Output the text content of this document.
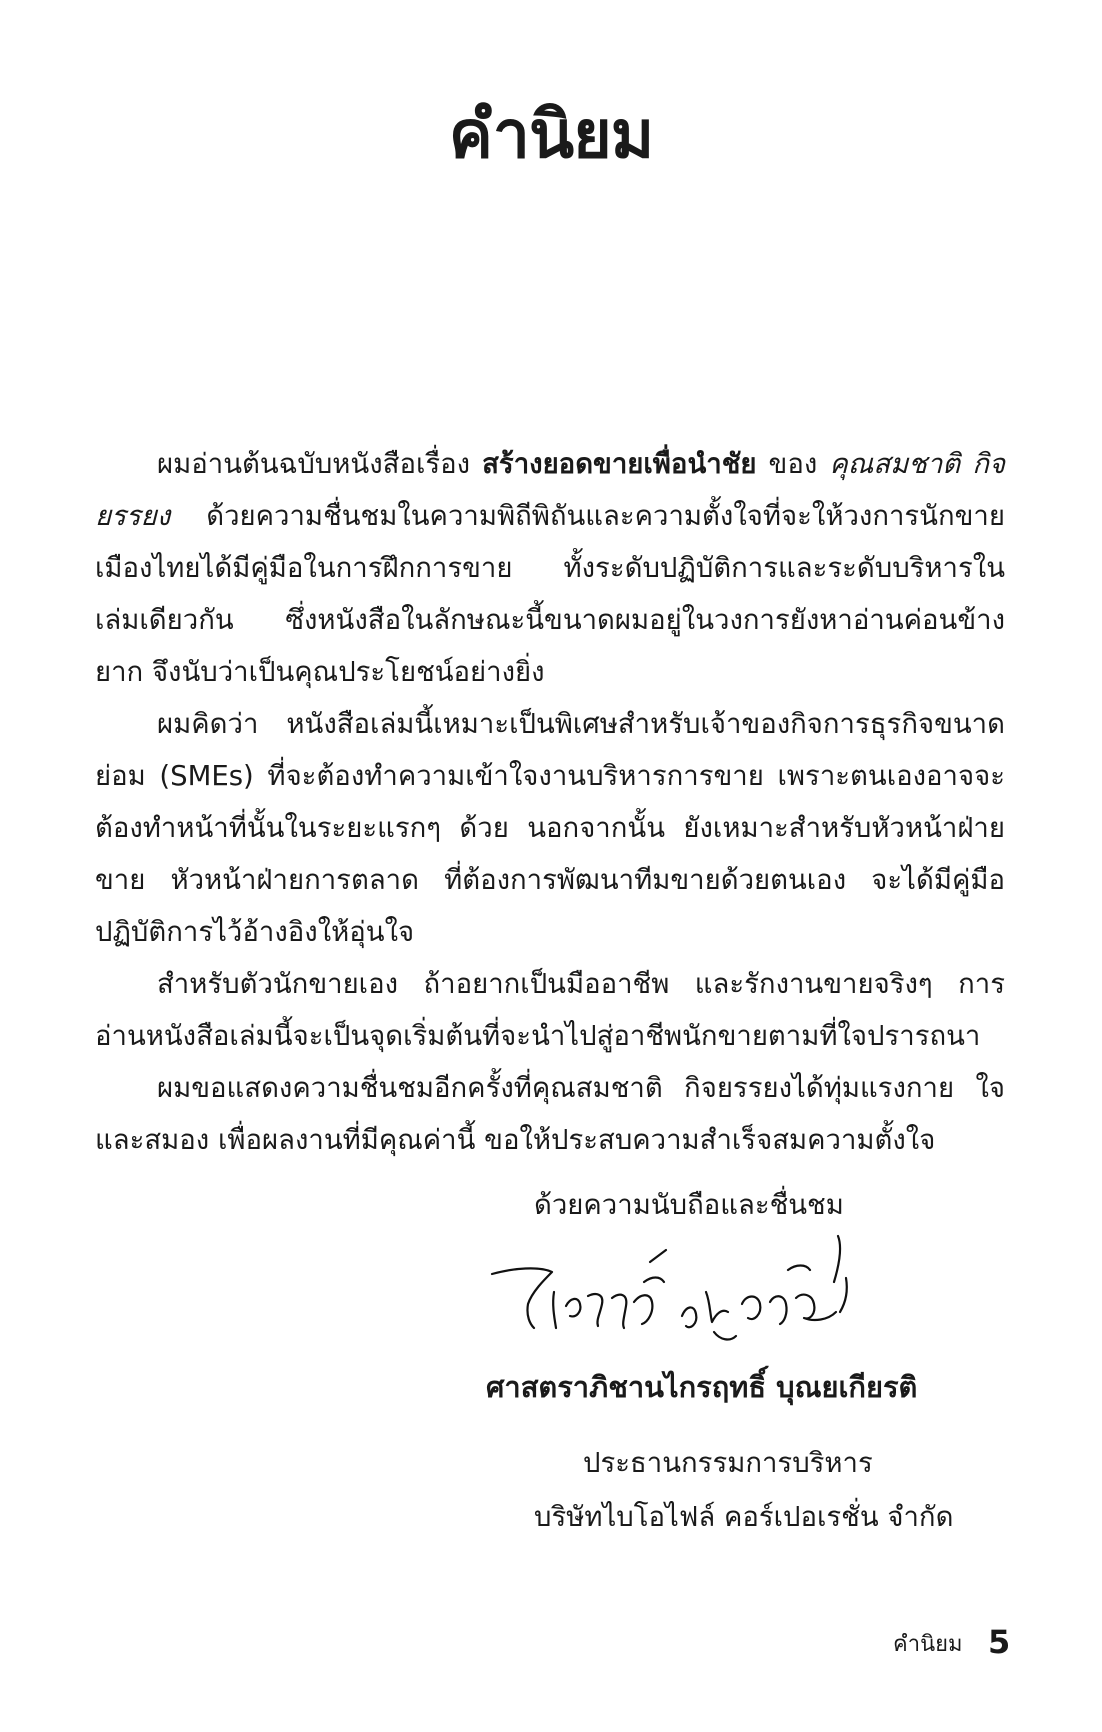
คำนิยม

ผมอ่านต้นฉบับหนังสือเรื่อง สร้างยอดขายเพื่อนำชัย ของ คุณสมชาติ กิจยรรยง ด้วยความชื่นชมในความพิถีพิถันและความตั้งใจที่จะให้วงการนักขายเมืองไทยได้มีคู่มือในการฝึกการขาย ทั้งระดับปฏิบัติการและระดับบริหารในเล่มเดียวกัน ซึ่งหนังสือในลักษณะนี้ขนาดผมอยู่ในวงการยังหาอ่านค่อนข้างยาก จึงนับว่าเป็นคุณประโยชน์อย่างยิ่ง

ผมคิดว่า หนังสือเล่มนี้เหมาะเป็นพิเศษสำหรับเจ้าของกิจการธุรกิจขนาดย่อม (SMEs) ที่จะต้องทำความเข้าใจงานบริหารการขาย เพราะตนเองอาจจะต้องทำหน้าที่นั้นในระยะแรกๆ ด้วย นอกจากนั้น ยังเหมาะสำหรับหัวหน้าฝ่ายขาย หัวหน้าฝ่ายการตลาด ที่ต้องการพัฒนาทีมขายด้วยตนเอง จะได้มีคู่มือปฏิบัติการไว้อ้างอิงให้อุ่นใจ

สำหรับตัวนักขายเอง ถ้าอยากเป็นมืออาชีพ และรักงานขายจริงๆ การอ่านหนังสือเล่มนี้จะเป็นจุดเริ่มต้นที่จะนำไปสู่อาชีพนักขายตามที่ใจปรารถนา

ผมขอแสดงความชื่นชมอีกครั้งที่คุณสมชาติ กิจยรรยงได้ทุ่มแรงกาย ใจ และสมอง เพื่อผลงานที่มีคุณค่านี้ ขอให้ประสบความสำเร็จสมความตั้งใจ

ด้วยความนับถือและชื่นชม
ศาสตราภิชานไกรฤทธิ์ บุณยเกียรติ
ประธานกรรมการบริหาร
บริษัทไบโอไฟล์ คอร์เปอเรชั่น จำกัด
คำนิยม 5
